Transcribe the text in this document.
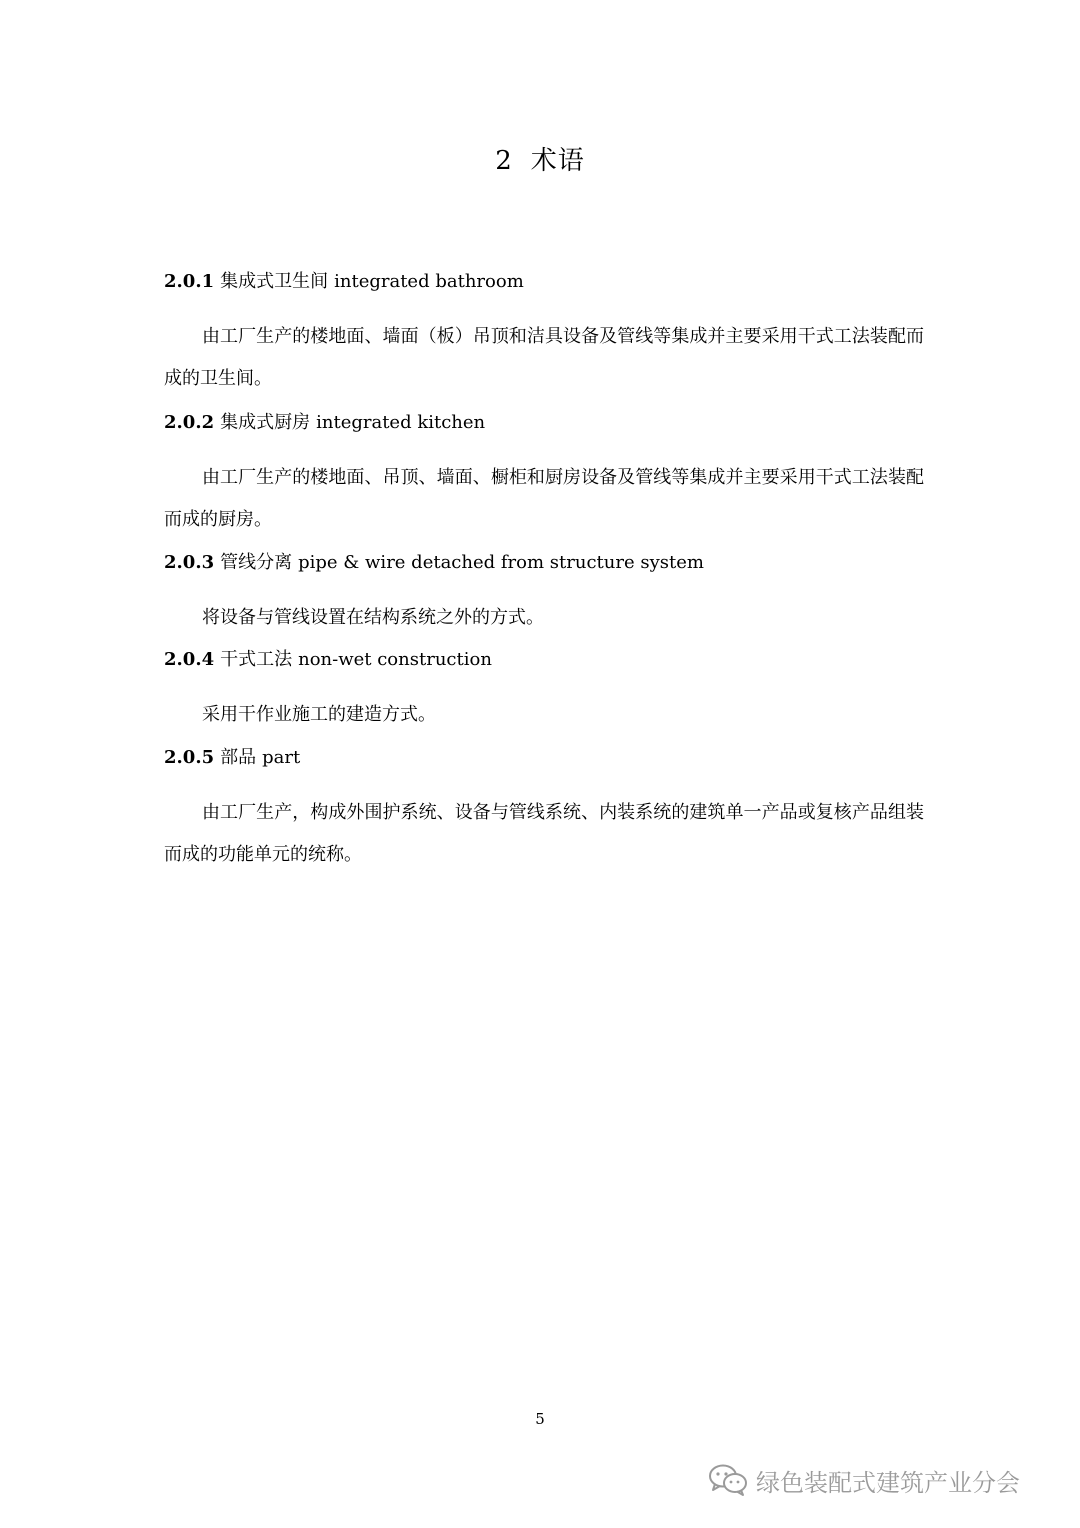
2 术语
2.0.1 集成式卫生间 integrated bathroom
由工厂生产的楼地面、墙面（板）吊顶和洁具设备及管线等集成并主要采用干式工法装配而成的卫生间。
2.0.2 集成式厨房 integrated kitchen
由工厂生产的楼地面、吊顶、墙面、橱柜和厨房设备及管线等集成并主要采用干式工法装配而成的厨房。
2.0.3 管线分离 pipe & wire detached from structure system
将设备与管线设置在结构系统之外的方式。
2.0.4 干式工法 non-wet construction
采用干作业施工的建造方式。
2.0.5 部品 part
由工厂生产，构成外围护系统、设备与管线系统、内装系统的建筑单一产品或复核产品组装而成的功能单元的统称。
5
绿色装配式建筑产业分会
